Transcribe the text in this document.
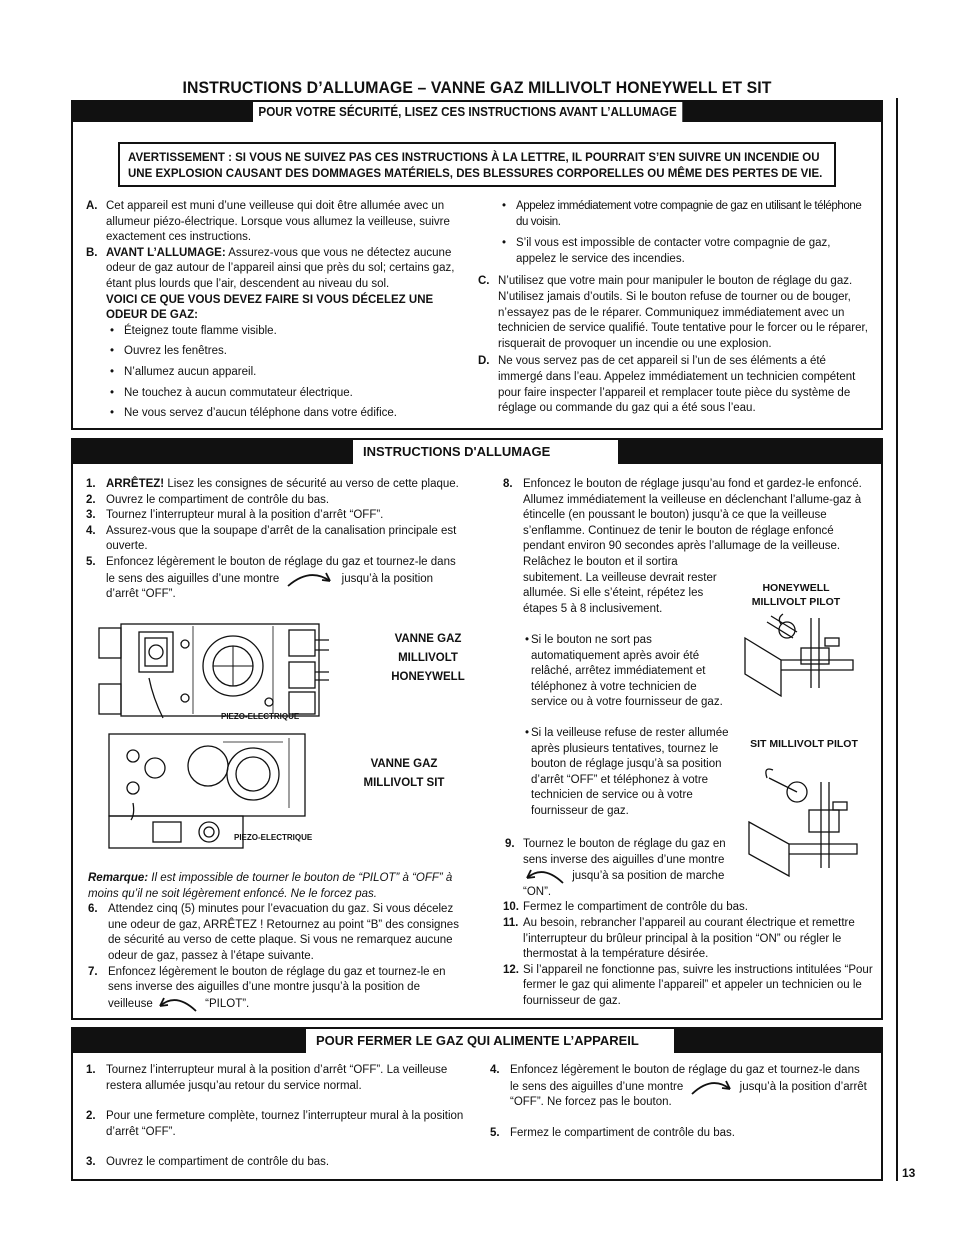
INSTRUCTIONS D’ALLUMAGE – VANNE GAZ MILLIVOLT HONEYWELL ET SIT
13
POUR VOTRE SÉCURITÉ, LISEZ CES INSTRUCTIONS AVANT L’ALLUMAGE
AVERTISSEMENT : SI VOUS NE SUIVEZ PAS CES INSTRUCTIONS À LA LETTRE, IL POURRAIT S’EN SUIVRE UN INCENDIE OU UNE EXPLOSION CAUSANT DES DOMMAGES MATÉRIELS, DES BLESSURES CORPORELLES OU MÊME DES PERTES DE VIE.
A. Cet appareil est muni d’une veilleuse qui doit être allumée avec un allumeur piézo-électrique. Lorsque vous allumez la veilleuse, suivre exactement ces instructions.
B. AVANT L’ALLUMAGE: Assurez-vous que vous ne détectez aucune odeur de gaz autour de l’appareil ainsi que près du sol; certains gaz, étant plus lourds que l’air, descendent au niveau du sol.
VOICI CE QUE VOUS DEVEZ FAIRE SI VOUS DÉCELEZ UNE ODEUR DE GAZ:
• Éteignez toute flamme visible.
• Ouvrez les fenêtres.
• N’allumez aucun appareil.
• Ne touchez à aucun commutateur électrique.
• Ne vous servez d’aucun téléphone dans votre édifice.
• Appelez immédiatement votre compagnie de gaz en utilisant le téléphone du voisin.
• S’il vous est impossible de contacter votre compagnie de gaz, appelez le service des incendies.
C. N’utilisez que votre main pour manipuler le bouton de réglage du gaz. N’utilisez jamais d’outils. Si le bouton refuse de tourner ou de bouger, n’essayez pas de le réparer. Communiquez immédiatement avec un technicien de service qualifié. Toute tentative pour le forcer ou le réparer, risquerait de provoquer un incendie ou une explosion.
D. Ne vous servez pas de cet appareil si l’un de ses éléments a été immergé dans l’eau. Appelez immédiatement un technicien compétent pour faire inspecter l’appareil et remplacer toute pièce du système de réglage ou commande du gaz qui a été sous l’eau.
INSTRUCTIONS D'ALLUMAGE
1. ARRÊTEZ! Lisez les consignes de sécurité au verso de cette plaque.
2. Ouvrez le compartiment de contrôle du bas.
3. Tournez l’interrupteur mural à la position d’arrêt “OFF”.
4. Assurez-vous que la soupape d’arrêt de la canalisation principale est ouverte.
5. Enfoncez légèrement le bouton de réglage du gaz et tournez-le dans le sens des aiguilles d’une montre	jusqu’à la position d’arrêt “OFF”.
VANNE GAZ MILLIVOLT HONEYWELL
PIEZO-ELECTRIQUE
VANNE GAZ MILLIVOLT SIT
PIEZO-ELECTRIQUE
Remarque: Il est impossible de tourner le bouton de “PILOT” à “OFF” à moins qu’il ne soit légèrement enfoncé. Ne le forcez pas.
6. Attendez cinq (5) minutes pour l’evacuation du gaz. Si vous décelez une odeur de gaz, ARRÊTEZ ! Retournez au point “B” des consignes de sécurité au verso de cette plaque. Si vous ne remarquez aucune odeur de gaz, passez à l’étape suivante.
7. Enfoncez légèrement le bouton de réglage du gaz et tournez-le en sens inverse des aiguilles d’une montre jusqu’à la position de veilleuse	“PILOT”.
8. Enfoncez le bouton de réglage jusqu’au fond et gardez-le enfoncé. Allumez immédiatement la veilleuse en déclenchant l’allume-gaz à étincelle (en poussant le bouton) jusqu’à ce que la veilleuse s’enflamme. Continuez de tenir le bouton de réglage enfoncé pendant environ 90 secondes après l’allumage de la veilleuse.
Relâchez le bouton et il sortira subitement. La veilleuse devrait rester allumée. Si elle s’éteint, répétez les étapes 5 à 8 inclusivement.
HONEYWELL MILLIVOLT PILOT
• Si le bouton ne sort pas automatiquement après avoir été relâché, arrêtez immédiatement et téléphonez à votre technicien de service ou à votre fournisseur de gaz.
• Si la veilleuse refuse de rester allumée après plusieurs tentatives, tournez le bouton de réglage jusqu’à sa position d’arrêt “OFF” et téléphonez à votre technicien de service ou à votre fournisseur de gaz.
SIT MILLIVOLT PILOT
9. Tournez le bouton de réglage du gaz en sens inverse des aiguilles d’une montre  jusqu’à sa position de marche “ON”.
10. Fermez le compartiment de contrôle du bas.
11. Au besoin, rebrancher l’appareil au courant électrique et remettre l’interrupteur du brûleur principal à la position “ON” ou régler le thermostat à la température désirée.
12. Si l’appareil ne fonctionne pas, suivre les instructions intitulées “Pour fermer le gaz qui alimente l’appareil” et appeler un technicien ou le fournisseur de gaz.
POUR FERMER LE GAZ QUI ALIMENTE L’APPAREIL
1. Tournez l’interrupteur mural à la position d’arrêt “OFF”. La veilleuse restera allumée jusqu’au retour du service normal.
2. Pour une fermeture complète, tournez l’interrupteur mural à la position d’arrêt “OFF”.
3. Ouvrez le compartiment de contrôle du bas.
4. Enfoncez légèrement le bouton de réglage du gaz et tournez-le dans le sens des aiguilles d’une montre	jusqu’à la position d’arrêt “OFF”. Ne forcez pas le bouton.
5. Fermez le compartiment de contrôle du bas.
